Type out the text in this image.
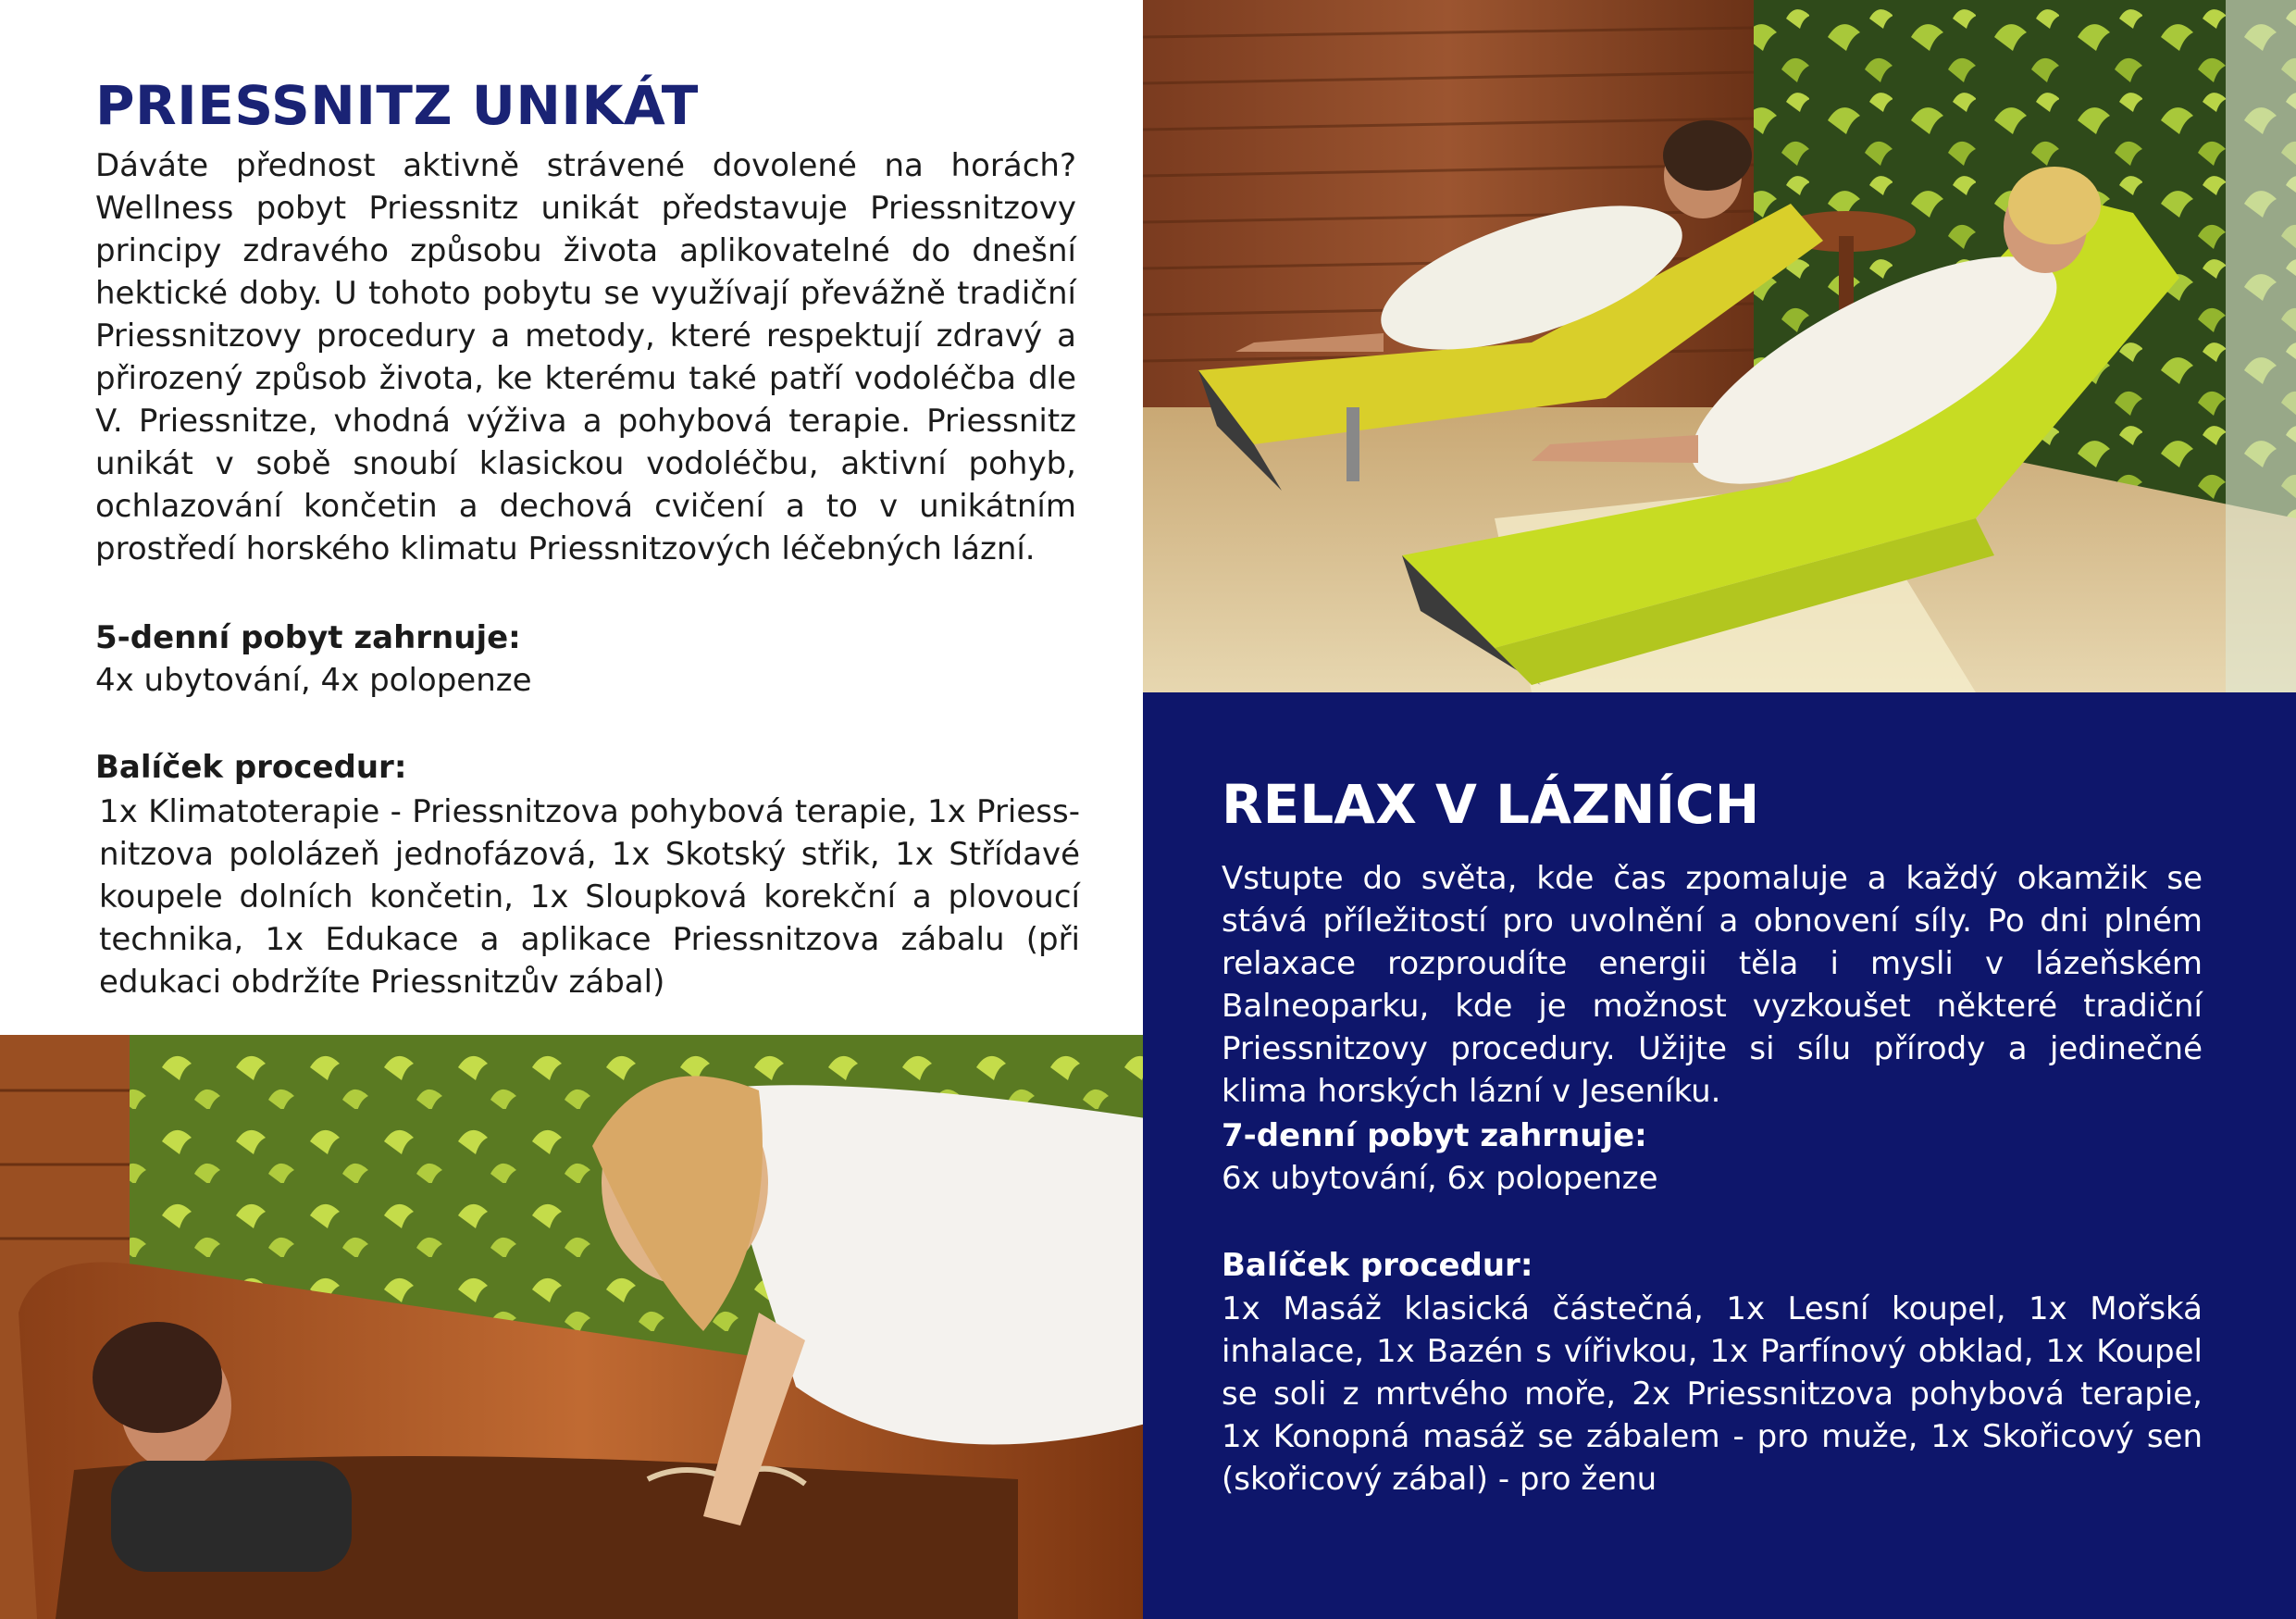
PRIESSNITZ UNIKÁT

Dáváte přednost aktivně strávené dovolené na horách? Wellness pobyt Priessnitz unikát představuje Priessnitzovy principy zdravého způsobu života aplikovatelné do dnešní hektické doby. U tohoto pobytu se využívají převážně tradiční Priessnitzovy procedury a metody, které respektují zdravý a přirozený způsob života, ke kterému také patří vodoléčba dle V. Priessnitze, vhodná výživa a pohybová terapie. Priessnitz unikát v sobě snoubí klasickou vodoléčbu, aktivní pohyb, ochlazování končetin a dechová cvičení a to v unikátním prostředí horského klimatu Priessnitzových léčebných lázní.

5-denní pobyt zahrnuje:
4x ubytování, 4x polopenze
Balíček procedur:

1x Klimatoterapie - Priessnitzova pohybová terapie, 1x Priess-nitzova pololázeň jednofázová, 1x Skotský střik, 1x Střídavé koupele dolních končetin, 1x Sloupková korekční a plovoucí technika, 1x Edukace a aplikace Priessnitzova zábalu (při edukaci obdržíte Priessnitzův zábal)

RELAX V LÁZNÍCH

Vstupte do světa, kde čas zpomaluje a každý okamžik se stává příležitostí pro uvolnění a obnovení síly. Po dni plném relaxace rozproudíte energii těla i mysli v lázeňském Balneoparku, kde je možnost vyzkoušet některé tradiční Priessnitzovy procedury. Užijte si sílu přírody a jedinečné klima horských lázní v Jeseníku.

7-denní pobyt zahrnuje:
6x ubytování, 6x polopenze
Balíček procedur:

1x Masáž klasická částečná, 1x Lesní koupel, 1x Mořská inhalace, 1x Bazén s vířivkou, 1x Parfínový obklad, 1x Koupel se soli z mrtvého moře, 2x Priessnitzova pohybová terapie, 1x Konopná masáž se zábalem - pro muže, 1x Skořicový sen (skořicový zábal) - pro ženu
